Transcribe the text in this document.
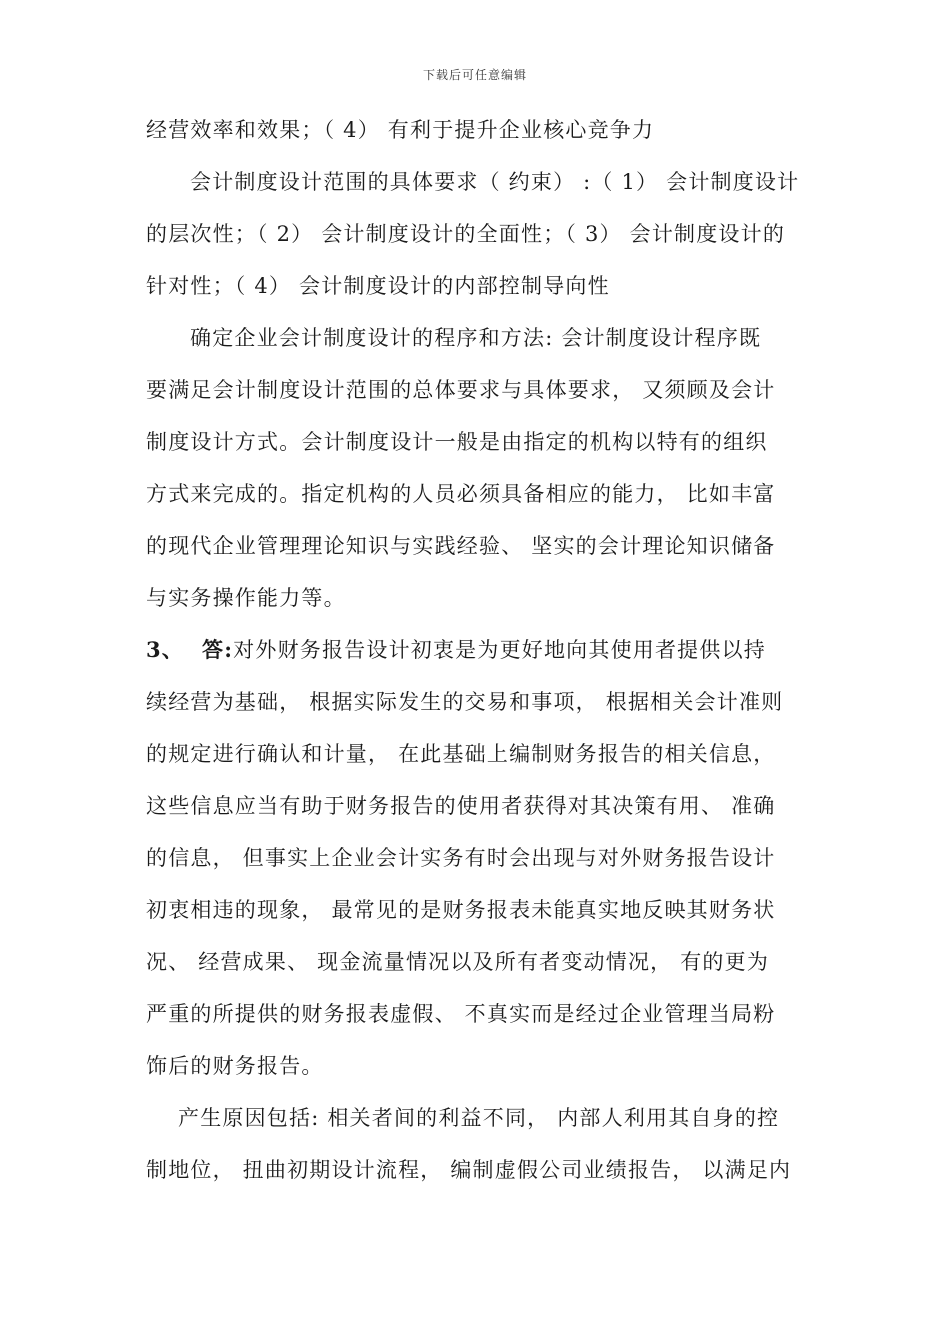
下载后可任意编辑
经营效率和效果；（ 4） 有利于提升企业核心竞争力
会计制度设计范围的具体要求（ 约束） :（ 1） 会计制度设计
的层次性；（ 2） 会计制度设计的全面性；（ 3） 会计制度设计的
针对性；（ 4） 会计制度设计的内部控制导向性
确定企业会计制度设计的程序和方法: 会计制度设计程序既
要满足会计制度设计范围的总体要求与具体要求， 又须顾及会计
制度设计方式。会计制度设计一般是由指定的机构以特有的组织
方式来完成的。指定机构的人员必须具备相应的能力， 比如丰富
的现代企业管理理论知识与实践经验、 坚实的会计理论知识储备
与实务操作能力等。
3、 答:对外财务报告设计初衷是为更好地向其使用者提供以持
续经营为基础， 根据实际发生的交易和事项， 根据相关会计准则
的规定进行确认和计量， 在此基础上编制财务报告的相关信息，
这些信息应当有助于财务报告的使用者获得对其决策有用、 准确
的信息， 但事实上企业会计实务有时会出现与对外财务报告设计
初衷相违的现象， 最常见的是财务报表未能真实地反映其财务状
况、 经营成果、 现金流量情况以及所有者变动情况， 有的更为
严重的所提供的财务报表虚假、 不真实而是经过企业管理当局粉
饰后的财务报告。
产生原因包括: 相关者间的利益不同， 内部人利用其自身的控
制地位， 扭曲初期设计流程， 编制虚假公司业绩报告， 以满足内
